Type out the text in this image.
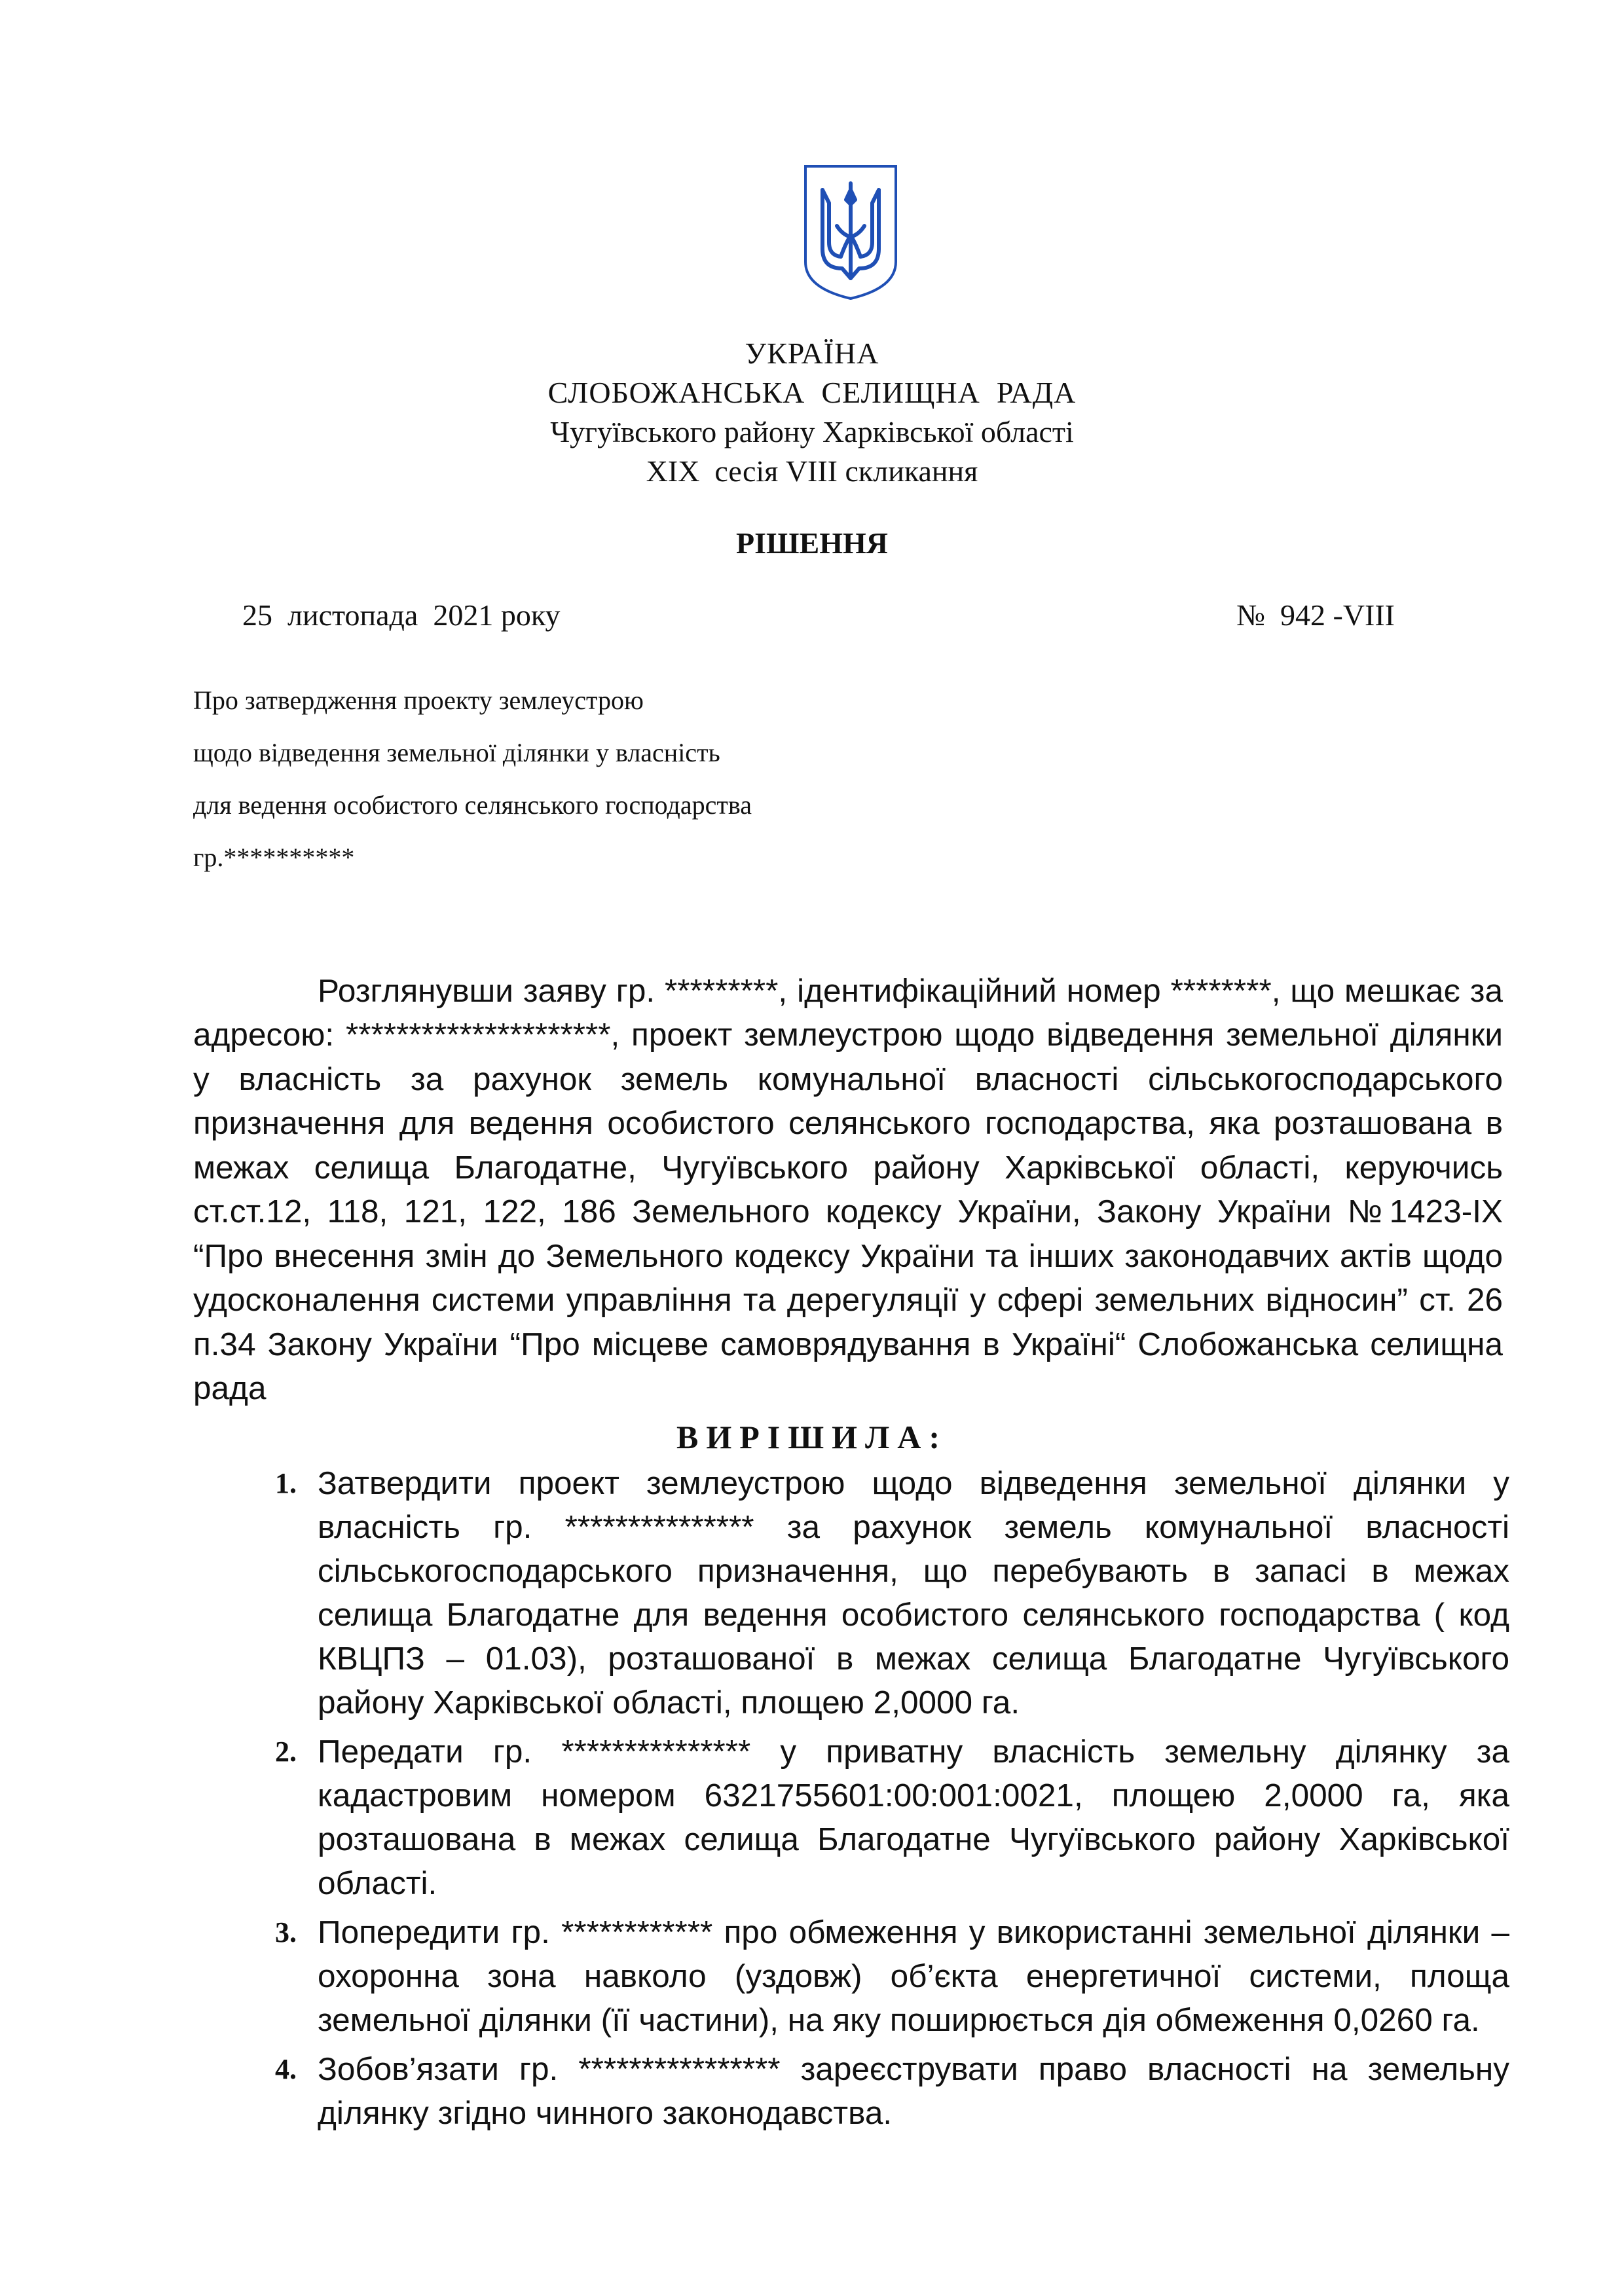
УКРАЇНА
СЛОБОЖАНСЬКА  СЕЛИЩНА  РАДА
Чугуївського району Харківської області
XIX  сесія VIII скликання
РІШЕННЯ
25  листопада  2021 року	№  942 -VIII
Про затвердження проекту землеустрою
щодо відведення земельної ділянки у власність
для ведення особистого селянського господарства
гр.**********

Розглянувши заяву гр. *********, ідентифікаційний номер ********, що мешкає за адресою: *********************, проект землеустрою щодо відведення земельної ділянки у власність за рахунок земель комунальної власності сільськогосподарського призначення для ведення особистого селянського господарства, яка розташована в межах селища Благодатне, Чугуївського району Харківської області, керуючись ст.ст.12, 118, 121, 122, 186 Земельного кодексу України, Закону України №1423-IX “Про внесення змін до Земельного кодексу України та інших законодавчих актів щодо удосконалення системи управління та дерегуляції у сфері земельних відносин” ст. 26 п.34 Закону України “Про місцеве самоврядування в Україні“ Слобожанська селищна рада

ВИРІШИЛА:
1. Затвердити проект землеустрою щодо відведення земельної ділянки у власність гр. *************** за рахунок земель комунальної власності сільськогосподарського призначення, що перебувають в запасі в межах селища Благодатне для ведення особистого селянського господарства ( код КВЦПЗ – 01.03), розташованої в межах селища Благодатне Чугуївського району Харківської області, площею 2,0000 га.
2. Передати гр. *************** у приватну власність земельну ділянку за кадастровим номером 6321755601:00:001:0021, площею 2,0000 га, яка розташована в межах селища Благодатне Чугуївського району Харківської області.
3. Попередити гр. ************ про обмеження у використанні земельної ділянки – охоронна зона навколо (уздовж) об’єкта енергетичної системи, площа земельної ділянки (її частини), на яку поширюється дія обмеження 0,0260 га.
4. Зобов’язати гр. **************** зареєструвати право власності на земельну ділянку згідно чинного законодавства.
